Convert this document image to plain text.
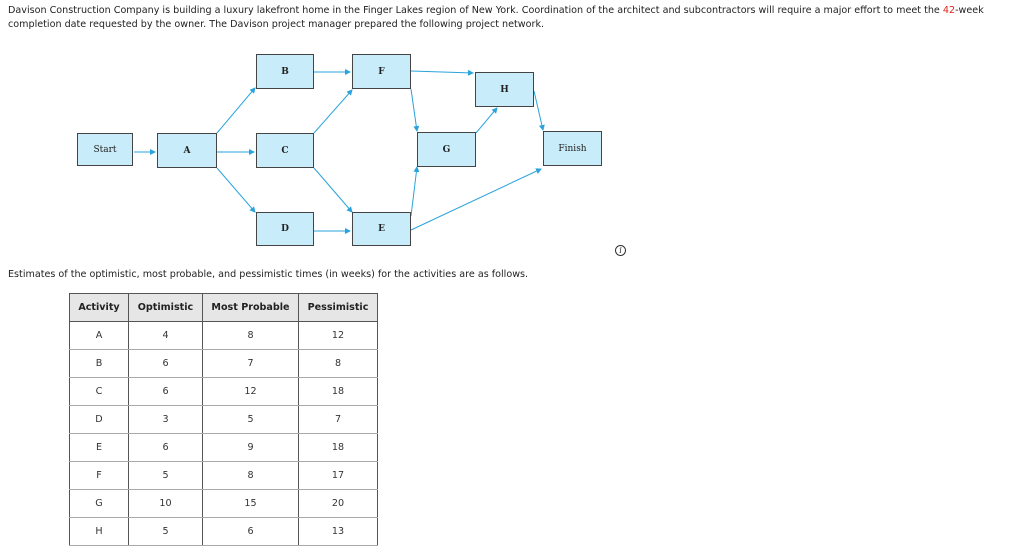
Davison Construction Company is building a luxury lakefront home in the Finger Lakes region of New York. Coordination of the architect and subcontractors will require a major effort to meet the 42-week completion date requested by the owner. The Davison project manager prepared the following project network.
Start	A
B
C
D	E
F
G
H
Finish
i
Estimates of the optimistic, most probable, and pessimistic times (in weeks) for the activities are as follows.
Activity	Optimistic	Most Probable	Pessimistic
A	4	8	12
B	6	7	8
C	6	12	18
D	3	5	7
E	6	9	18
F	5	8	17
G	10	15	20
H	5	6	13
